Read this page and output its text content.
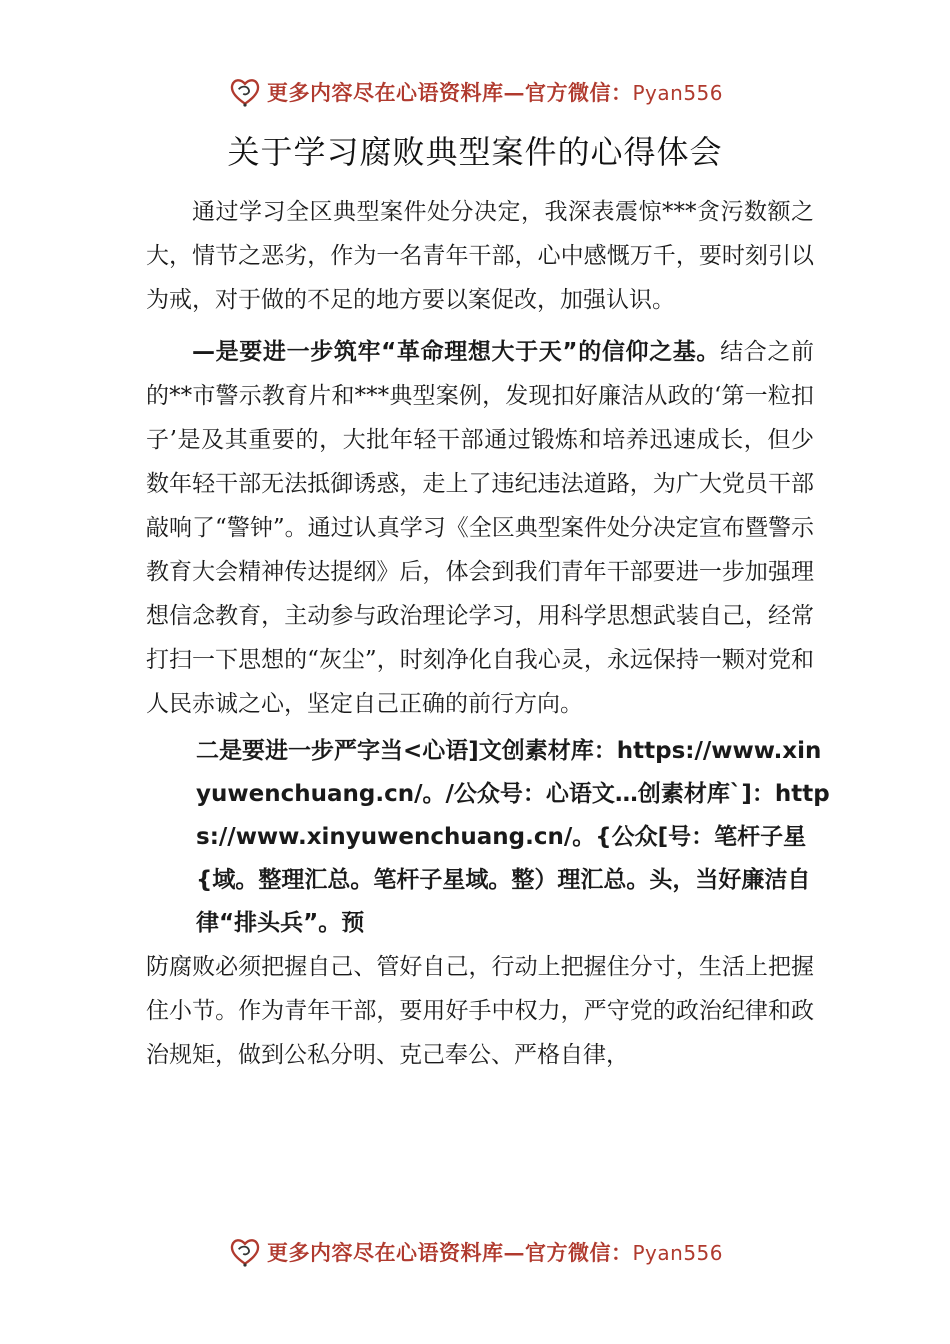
更多内容尽在心语资料库—官方微信：Pyan556
关于学习腐败典型案件的心得体会

通过学习全区典型案件处分决定，我深表震惊***贪污数额之大，情节之恶劣，作为一名青年干部，心中感慨万千，要时刻引以为戒，对于做的不足的地方要以案促改，加强认识。

—是要进一步筑牢“革命理想大于天”的信仰之基。结合之前的**市警示教育片和***典型案例，发现扣好廉洁从政的‘第一粒扣子’是及其重要的，大批年轻干部通过锻炼和培养迅速成长，但少数年轻干部无法抵御诱惑，走上了违纪违法道路，为广大党员干部敲响了“警钟”。通过认真学习《全区典型案件处分决定宣布暨警示教育大会精神传达提纲》后，体会到我们青年干部要进一步加强理想信念教育，主动参与政治理论学习，用科学思想武装自己，经常打扫一下思想的“灰尘”，时刻净化自我心灵，永远保持一颗对党和人民赤诚之心，坚定自己正确的前行方向。

二是要进一步严字当<心语]文创素材库：https://www.xinyuwenchuang.cn/。/公众号：心语文…创素材库`]：https://www.xinyuwenchuang.cn/。{公众[号：笔杆子星{域。整理汇总。笔杆子星域。整）理汇总。头，当好廉洁自律“排头兵”。预

防腐败必须把握自己、管好自己，行动上把握住分寸，生活上把握住小节。作为青年干部，要用好手中权力，严守党的政治纪律和政治规矩，做到公私分明、克己奉公、严格自律，

更多内容尽在心语资料库—官方微信：Pyan556
